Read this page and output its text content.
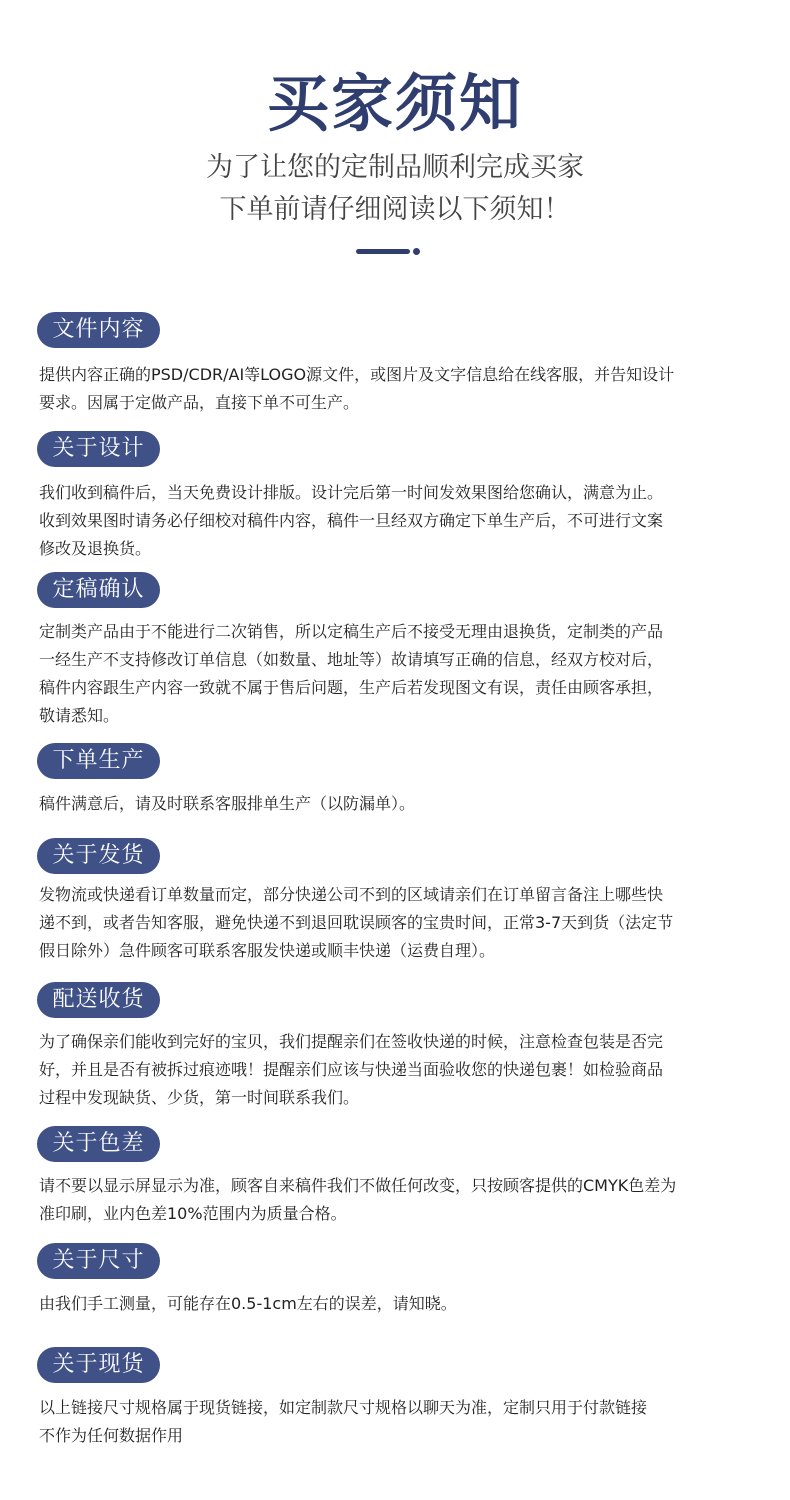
买家须知
为了让您的定制品顺利完成买家
下单前请仔细阅读以下须知！
文件内容
提供内容正确的PSD/CDR/AI等LOGO源文件，或图片及文字信息给在线客服，并告知设计
要求。因属于定做产品，直接下单不可生产。
关于设计
我们收到稿件后，当天免费设计排版。设计完后第一时间发效果图给您确认，满意为止。
收到效果图时请务必仔细校对稿件内容，稿件一旦经双方确定下单生产后，不可进行文案
修改及退换货。
定稿确认
定制类产品由于不能进行二次销售，所以定稿生产后不接受无理由退换货，定制类的产品
一经生产不支持修改订单信息（如数量、地址等）故请填写正确的信息，经双方校对后，
稿件内容跟生产内容一致就不属于售后问题，生产后若发现图文有误，责任由顾客承担，
敬请悉知。
下单生产
稿件满意后，请及时联系客服排单生产（以防漏单）。
关于发货
发物流或快递看订单数量而定，部分快递公司不到的区域请亲们在订单留言备注上哪些快
递不到，或者告知客服，避免快递不到退回耽误顾客的宝贵时间，正常3-7天到货（法定节
假日除外）急件顾客可联系客服发快递或顺丰快递（运费自理）。
配送收货
为了确保亲们能收到完好的宝贝，我们提醒亲们在签收快递的时候，注意检查包装是否完
好，并且是否有被拆过痕迹哦！提醒亲们应该与快递当面验收您的快递包裹！如检验商品
过程中发现缺货、少货，第一时间联系我们。
关于色差
请不要以显示屏显示为准，顾客自来稿件我们不做任何改变，只按顾客提供的CMYK色差为
准印刷，业内色差10%范围内为质量合格。
关于尺寸
由我们手工测量，可能存在0.5-1cm左右的误差，请知晓。
关于现货
以上链接尺寸规格属于现货链接，如定制款尺寸规格以聊天为准，定制只用于付款链接
不作为任何数据作用
